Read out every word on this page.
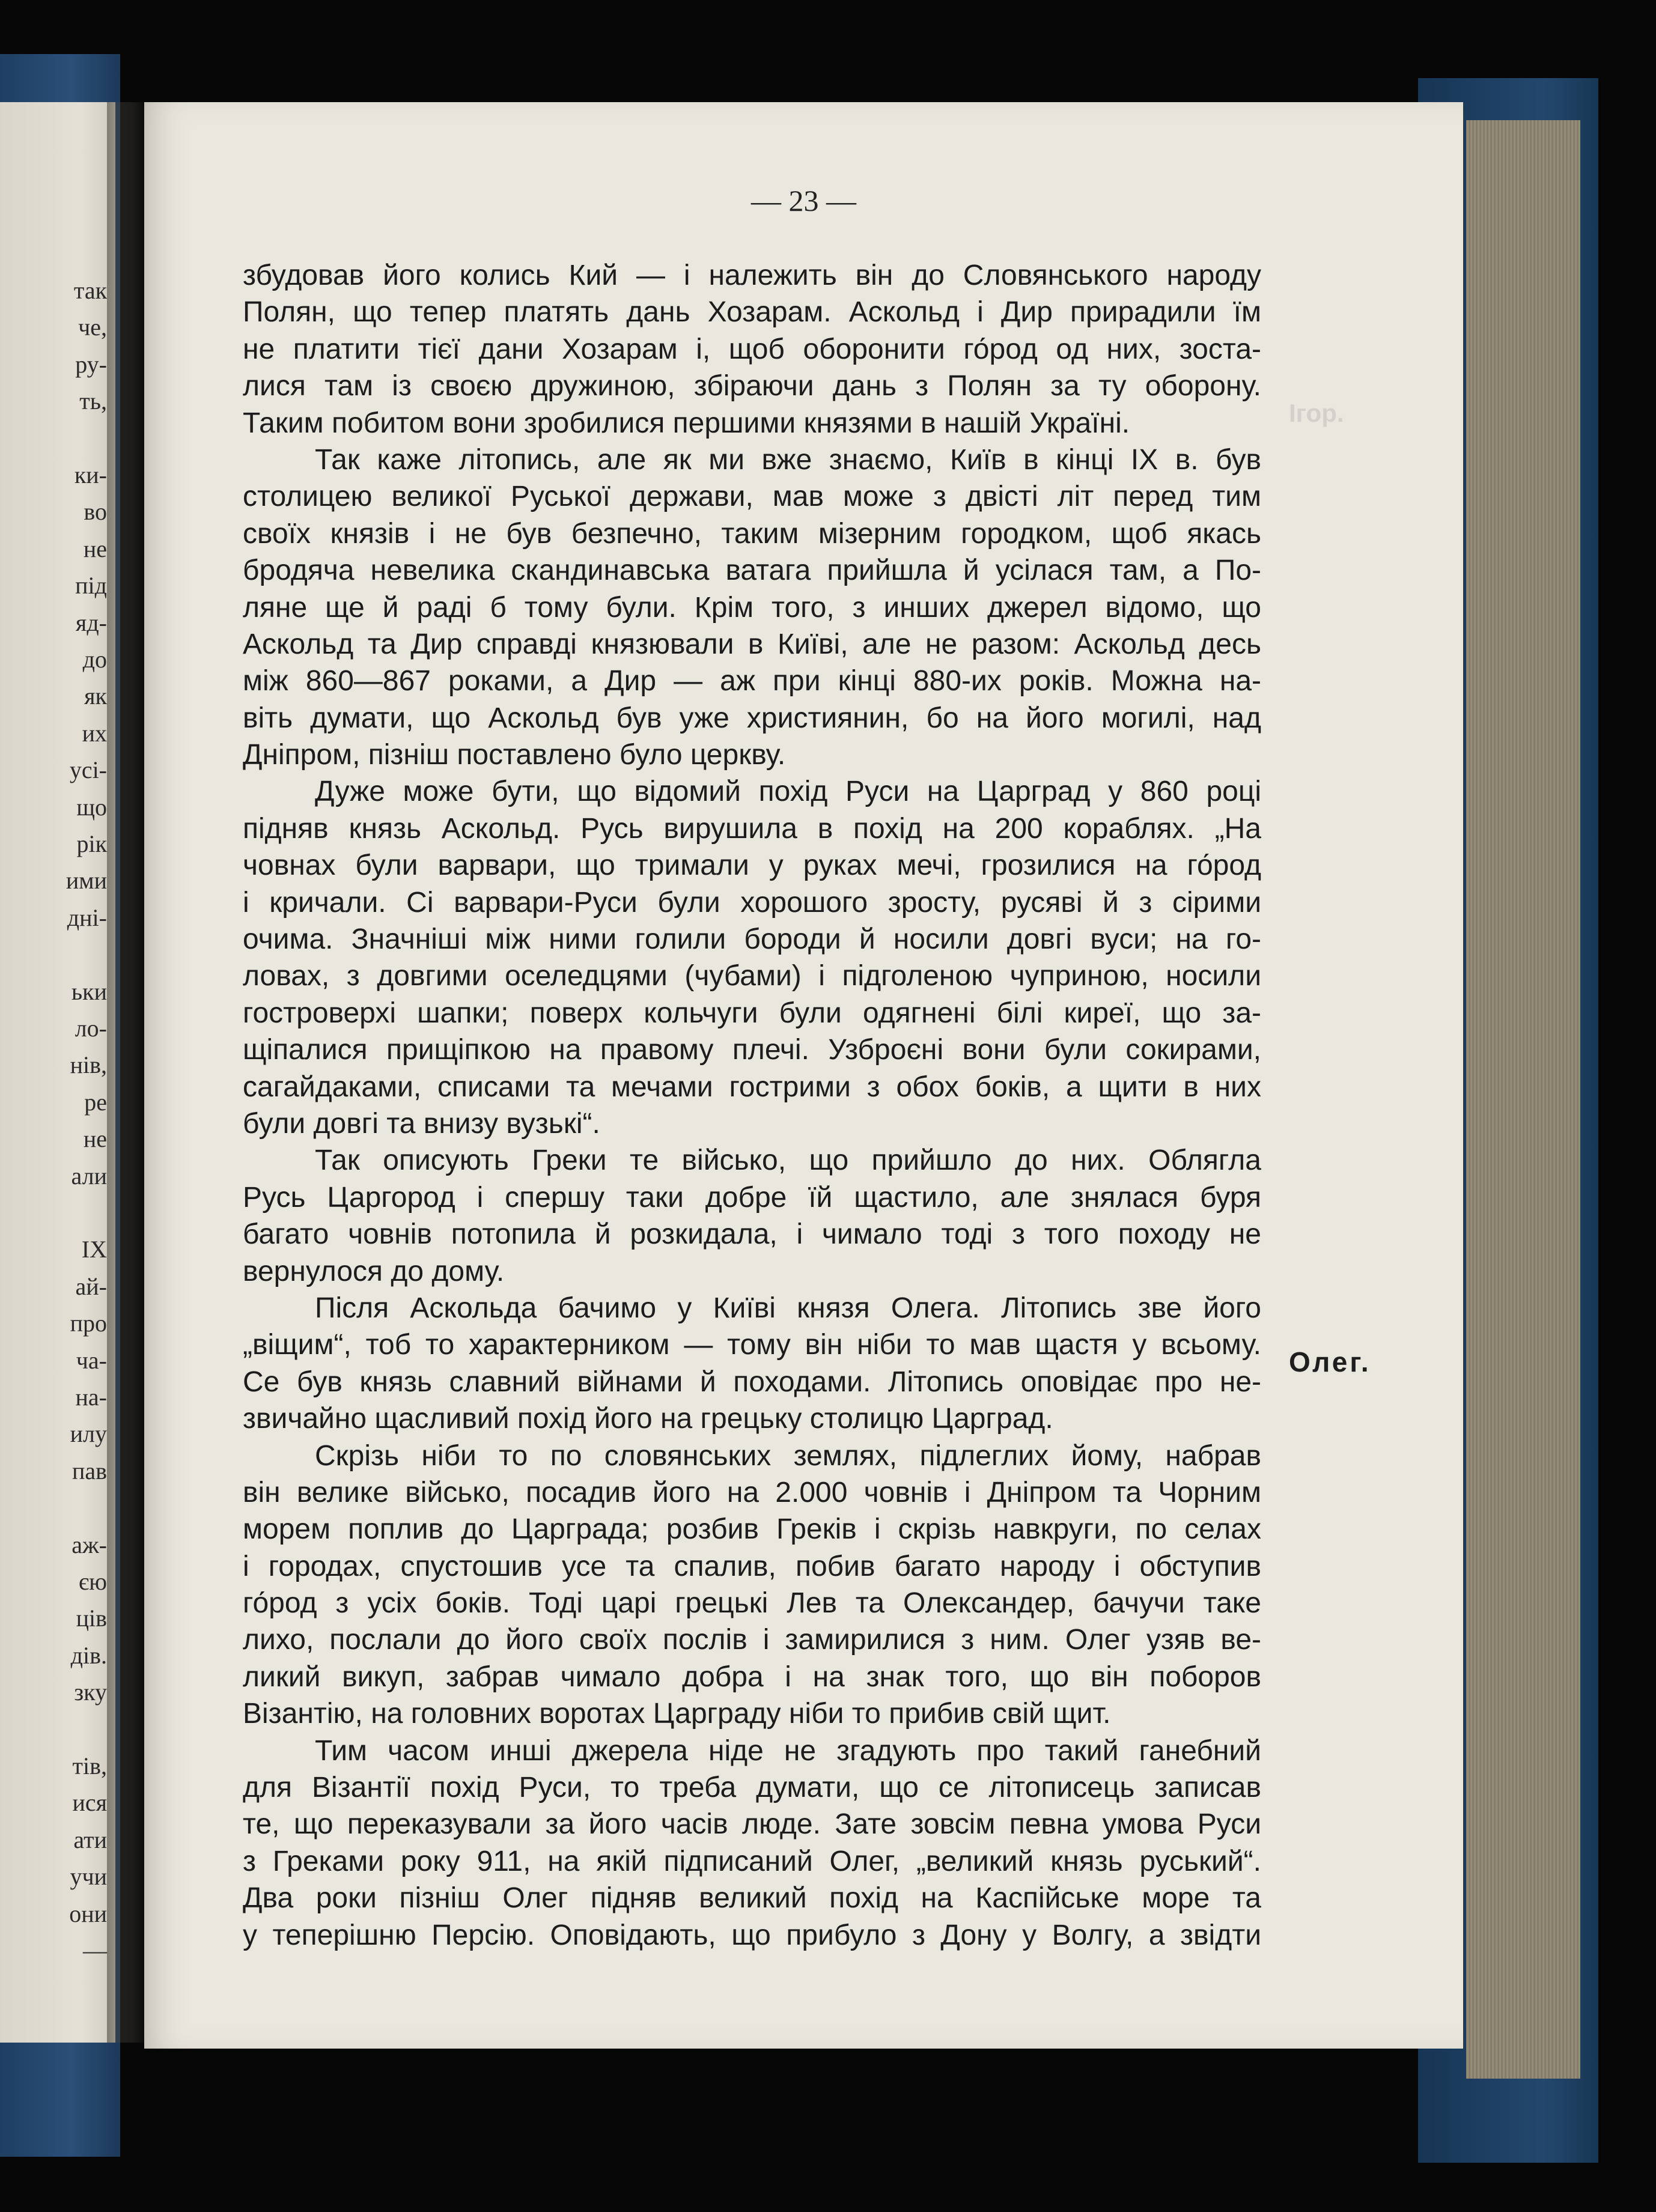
так
че,
ру-
ть,
ки-
во
не
під
яд-
до
як
их
усі-
що
рік
ими
дні-
ьки
ло-
нів,
ре
не
али
IX
ай-
про
ча-
на-
илу
пав
аж-
єю
ців
дів.
зку
тів,
ися
ати
учи
они
—
— 23 —
збудовав його колись Кий — і належить він до Словянського народу
Полян, що тепер платять дань Хозарам. Аскольд і Дир прирадили їм
не платити тієї дани Хозарам і, щоб оборонити го́род од них, зоста-
лися там із своєю дружиною, збіраючи дань з Полян за ту оборону.
Таким побитом вони зробилися першими князями в нашій Україні.
Так каже літопись, але як ми вже знаємо, Київ в кінці IX в. був
столицею великої Руської держави, мав може з двісті літ перед тим
своїх князів і не був безпечно, таким мізерним городком, щоб якась
бродяча невелика скандинавська ватага прийшла й усілася там, а По-
ляне ще й раді б тому були. Крім того, з инших джерел відомо, що
Аскольд та Дир справді князювали в Київі, але не разом: Аскольд десь
між 860—867 роками, а Дир — аж при кінці 880-их років. Можна на-
віть думати, що Аскольд був уже християнин, бо на його могилі, над
Дніпром, пізніш поставлено було церкву.
Дуже може бути, що відомий похід Руси на Царград у 860 році
підняв князь Аскольд. Русь вирушила в похід на 200 кораблях. „На
човнах були варвари, що тримали у руках мечі, грозилися на го́род
і кричали. Сі варвари-Руси були хорошого зросту, русяві й з сірими
очима. Значніші між ними голили бороди й носили довгі вуси; на го-
ловах, з довгими оселедцями (чубами) і підголеною чуприною, носили
гостроверхі шапки; поверх кольчуги були одягнені білі киреї, що за-
щіпалися прищіпкою на правому плечі. Узброєні вони були сокирами,
сагайдаками, списами та мечами гострими з обох боків, а щити в них
були довгі та внизу вузькі“.
Так описують Греки те військо, що прийшло до них. Облягла
Русь Царгород і спершу таки добре їй щастило, але знялася буря
багато човнів потопила й розкидала, і чимало тоді з того походу не
вернулося до дому.
Після Аскольда бачимо у Київі князя Олега. Літопись зве його
„віщим“, тоб то характерником — тому він ніби то мав щастя у всьому.
Се був князь славний війнами й походами. Літопись оповідає про не-
звичайно щасливий похід його на грецьку столицю Царград.
Скрізь ніби то по словянських землях, підлеглих йому, набрав
він велике військо, посадив його на 2.000 човнів і Дніпром та Чорним
морем поплив до Царграда; розбив Греків і скрізь навкруги, по селах
і городах, спустошив усе та спалив, побив багато народу і обступив
го́род з усіх боків. Тоді царі грецькі Лев та Олександер, бачучи таке
лихо, послали до його своїх послів і замирилися з ним. Олег узяв ве-
ликий викуп, забрав чимало добра і на знак того, що він поборов
Візантію, на головних воротах Царграду ніби то прибив свій щит.
Тим часом инші джерела ніде не згадують про такий ганебний
для Візантії похід Руси, то треба думати, що се літописець записав
те, що переказували за його часів люде. Зате зовсім певна умова Руси
з Греками року 911, на якій підписаний Олег, „великий князь руський“.
Два роки пізніш Олег підняв великий похід на Каспійське море та
у теперішню Персію. Оповідають, що прибуло з Дону у Волгу, а звідти
Ігор.
Олег.
